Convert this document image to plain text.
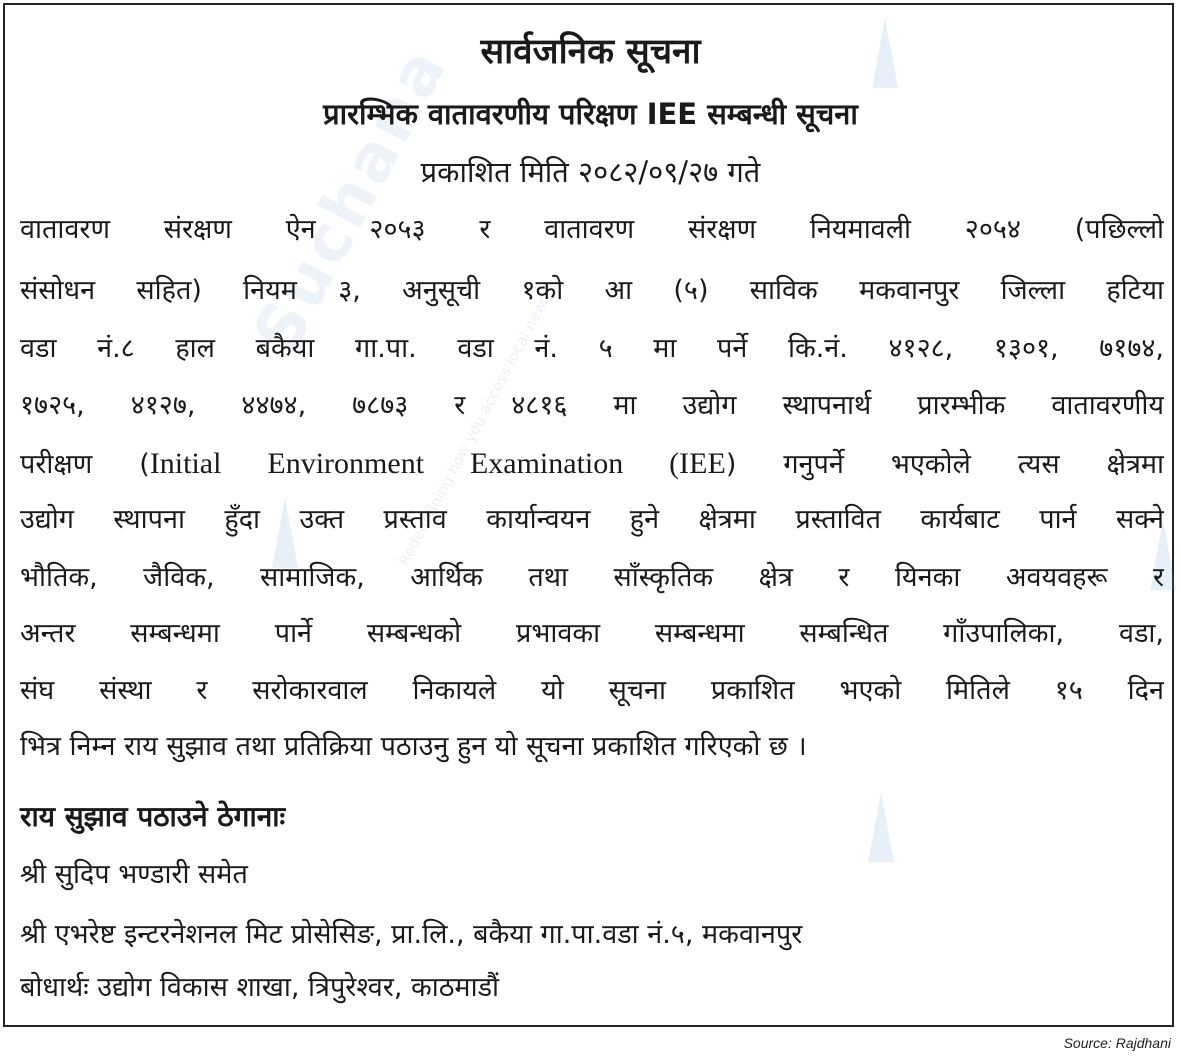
Suchana
Rededefining how you access local news
सार्वजनिक सूचना
प्रारम्भिक वातावरणीय परिक्षण IEE सम्बन्धी सूचना
प्रकाशित मिति २०८२/०९/२७ गते
वातावरण संरक्षण ऐन २०५३ र वातावरण संरक्षण नियमावली २०५४ (पछिल्लो
संसोधन सहित) नियम ३, अनुसूची १को आ (५) साविक मकवानपुर जिल्ला हटिया
वडा नं.८ हाल बकैया गा.पा. वडा नं. ५ मा पर्ने कि.नं. ४१२८, १३०१, ७१७४,
१७२५, ४१२७, ४४७४, ७८७३ र ४८१६ मा उद्योग स्थापनार्थ प्रारम्भीक वातावरणीय
परीक्षण (Initial Environment Examination (IEE) गनुपर्ने भएकोले त्यस क्षेत्रमा
उद्योग स्थापना हुँदा उक्त प्रस्ताव कार्यान्वयन हुने क्षेत्रमा प्रस्तावित कार्यबाट पार्न सक्ने
भौतिक, जैविक, सामाजिक, आर्थिक तथा साँस्कृतिक क्षेत्र र यिनका अवयवहरू र
अन्तर सम्बन्धमा पार्ने सम्बन्धको प्रभावका सम्बन्धमा सम्बन्धित गाँउपालिका, वडा,
संघ संस्था र सरोकारवाल निकायले यो सूचना प्रकाशित भएको मितिले १५ दिन
भित्र निम्न राय सुझाव तथा प्रतिक्रिया पठाउनु हुन यो सूचना प्रकाशित गरिएको छ ।
राय सुझाव पठाउने ठेगानाः
श्री सुदिप भण्डारी समेत
श्री एभरेष्ट इन्टरनेशनल मिट प्रोसेसिङ, प्रा.लि., बकैया गा.पा.वडा नं.५, मकवानपुर
बोधार्थः उद्योग विकास शाखा, त्रिपुरेश्वर, काठमाडौं
Source: Rajdhani
